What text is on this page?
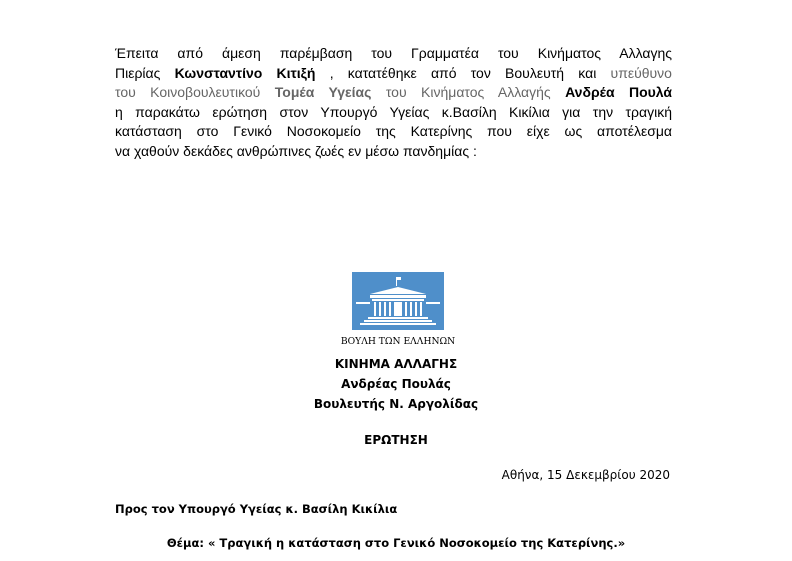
Έπειτα από άμεση παρέμβαση του Γραμματέα του Κινήματος Αλλαγης
Πιερίας Κωνσταντίνο Κιτιξή , κατατέθηκε από τον Βουλευτή και υπεύθυνο
του Κοινοβουλευτικού Τομέα Υγείας του Κινήματος Αλλαγής Ανδρέα Πουλά
η παρακάτω ερώτηση στον Υπουργό Υγείας κ.Βασίλη Κικίλια για την τραγική
κατάσταση στο Γενικό Νοσοκομείο της Κατερίνης που είχε ως αποτέλεσμα
να χαθούν δεκάδες ανθρώπινες ζωές εν μέσω πανδημίας :
ΒΟΥΛΗ ΤΩΝ ΕΛΛΗΝΩΝ
ΚΙΝΗΜΑ ΑΛΛΑΓΗΣ
Ανδρέας Πουλάς
Βουλευτής Ν. Αργολίδας
ΕΡΩΤΗΣΗ
Αθήνα, 15 Δεκεμβρίου 2020
Προς τον Υπουργό Υγείας κ. Βασίλη Κικίλια
Θέμα: « Τραγική η κατάσταση στο Γενικό Νοσοκομείο της Κατερίνης.»
